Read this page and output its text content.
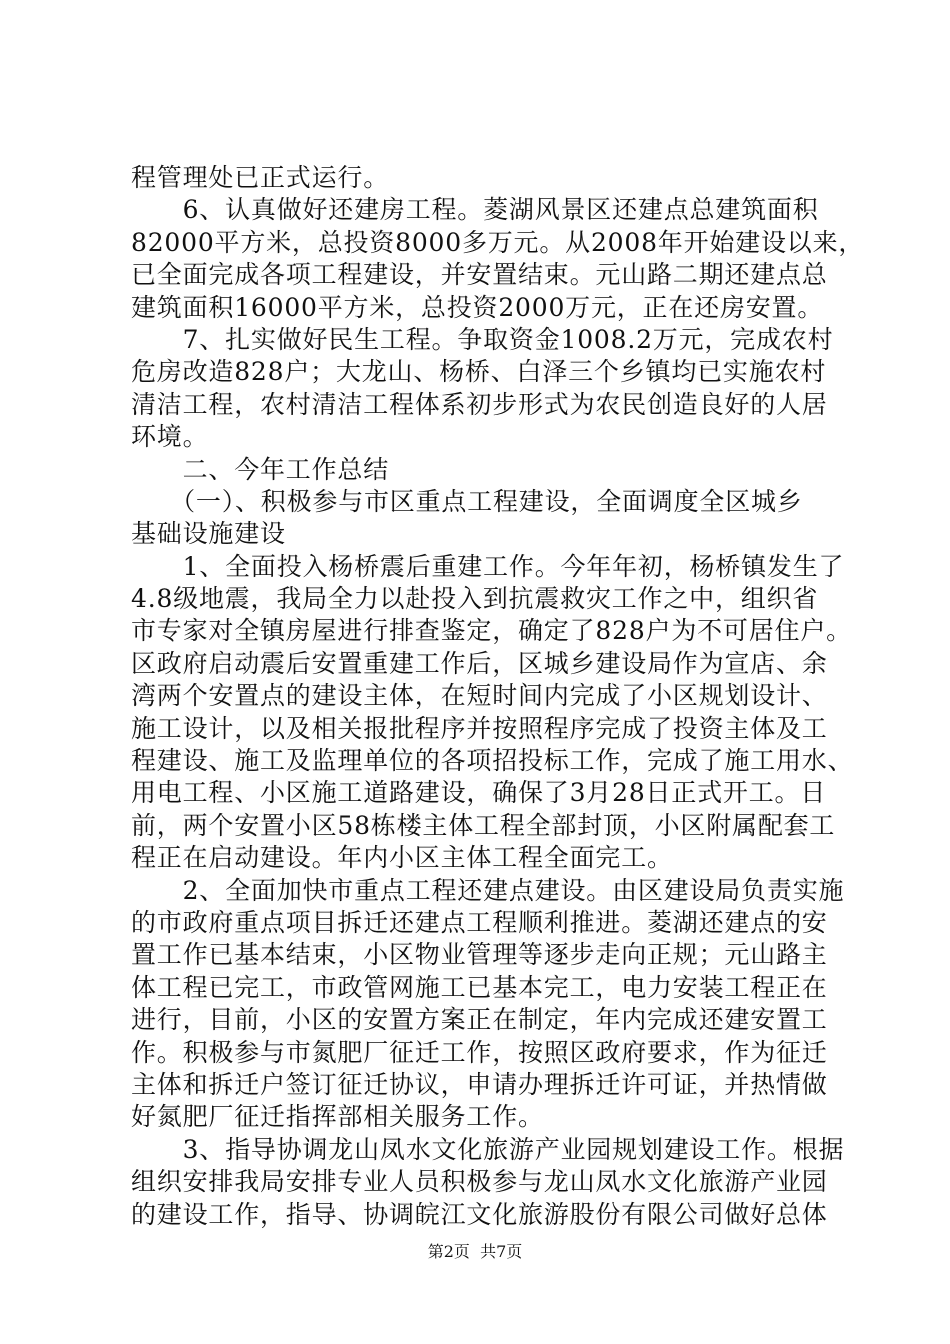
程管理处已正式运行。
　　6、认真做好还建房工程。菱湖风景区还建点总建筑面积
82000平方米，总投资8000多万元。从2008年开始建设以来，
已全面完成各项工程建设，并安置结束。元山路二期还建点总
建筑面积16000平方米，总投资2000万元，正在还房安置。
　　7、扎实做好民生工程。争取资金1008.2万元，完成农村
危房改造828户；大龙山、杨桥、白泽三个乡镇均已实施农村
清洁工程，农村清洁工程体系初步形式为农民创造良好的人居
环境。
　　二、今年工作总结
　　（一）、积极参与市区重点工程建设，全面调度全区城乡
基础设施建设
　　1、全面投入杨桥震后重建工作。今年年初，杨桥镇发生了
4.8级地震，我局全力以赴投入到抗震救灾工作之中，组织省
市专家对全镇房屋进行排查鉴定，确定了828户为不可居住户。
区政府启动震后安置重建工作后，区城乡建设局作为宣店、余
湾两个安置点的建设主体，在短时间内完成了小区规划设计、
施工设计，以及相关报批程序并按照程序完成了投资主体及工
程建设、施工及监理单位的各项招投标工作，完成了施工用水、
用电工程、小区施工道路建设，确保了3月28日正式开工。日
前，两个安置小区58栋楼主体工程全部封顶，小区附属配套工
程正在启动建设。年内小区主体工程全面完工。
　　2、全面加快市重点工程还建点建设。由区建设局负责实施
的市政府重点项目拆迁还建点工程顺利推进。菱湖还建点的安
置工作已基本结束，小区物业管理等逐步走向正规；元山路主
体工程已完工，市政管网施工已基本完工，电力安装工程正在
进行，目前，小区的安置方案正在制定，年内完成还建安置工
作。积极参与市氮肥厂征迁工作，按照区政府要求，作为征迁
主体和拆迁户签订征迁协议，申请办理拆迁许可证，并热情做
好氮肥厂征迁指挥部相关服务工作。
　　3、指导协调龙山凤水文化旅游产业园规划建设工作。根据
组织安排我局安排专业人员积极参与龙山凤水文化旅游产业园
的建设工作，指导、协调皖江文化旅游股份有限公司做好总体
第2页  共7页
